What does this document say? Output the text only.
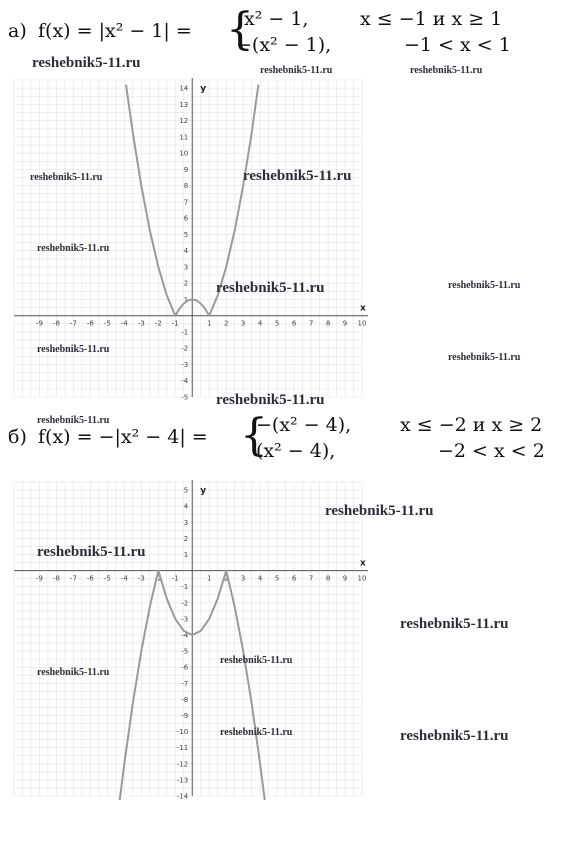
а) f(x) = |x² − 1| = {
x² − 1,	x ≤ −1 и x ≥ 1
−(x² − 1),	−1 < x < 1
x
y
-9 -8 -7 -6 -5 -4 -3 -2 -1	1 2 3 4 5 6 7 8 9 10
-5
-4
-3
-2
-1
1
2
3
4
5
6
7
8
9
10
11
12
13
14
б) f(x) = −|x² − 4| = {
−(x² − 4),	x ≤ −2 и x ≥ 2
(x² − 4),	−2 < x < 2
x
y
-9 -8 -7 -6 -5 -4 -3 -2 -1	1 2 3 4 5 6 7 8 9 10
-14
-13
-12
-11
-10
-9
-8
-7
-6
-5
-4
-3
-2
-1
1
2
3
4
5
reshebnik5-11.ru	reshebnik5-11.ru	reshebnik5-11.ru
reshebnik5-11.ru	reshebnik5-11.ru
reshebnik5-11.ru
reshebnik5-11.ru	reshebnik5-11.ru
reshebnik5-11.ru
reshebnik5-11.ru
reshebnik5-11.ru
reshebnik5-11.ru
reshebnik5-11.ru
reshebnik5-11.ru
reshebnik5-11.ru
reshebnik5-11.ru
reshebnik5-11.ru
reshebnik5-11.ru	reshebnik5-11.ru
